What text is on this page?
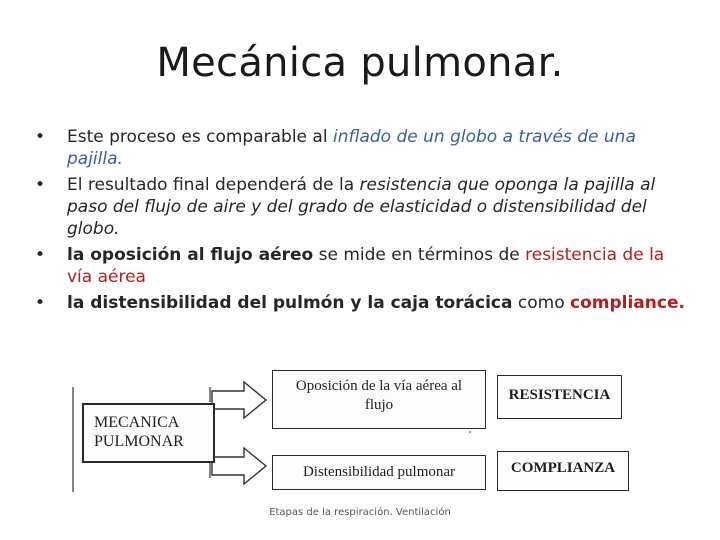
Mecánica pulmonar.
• Este proceso es comparable al inflado de un globo a través de una pajilla.
• El resultado final dependerá de la resistencia que oponga la pajilla al paso del flujo de aire y del grado de elasticidad o distensibilidad del globo.
• la oposición al flujo aéreo se mide en términos de resistencia de la vía aérea
• la distensibilidad del pulmón y la caja torácica como compliance.
MECANICA
PULMONAR
Oposición de la vía aérea al flujo
Distensibilidad pulmonar
RESISTENCIA
COMPLIANZA
Etapas de la respiración. Ventilación
